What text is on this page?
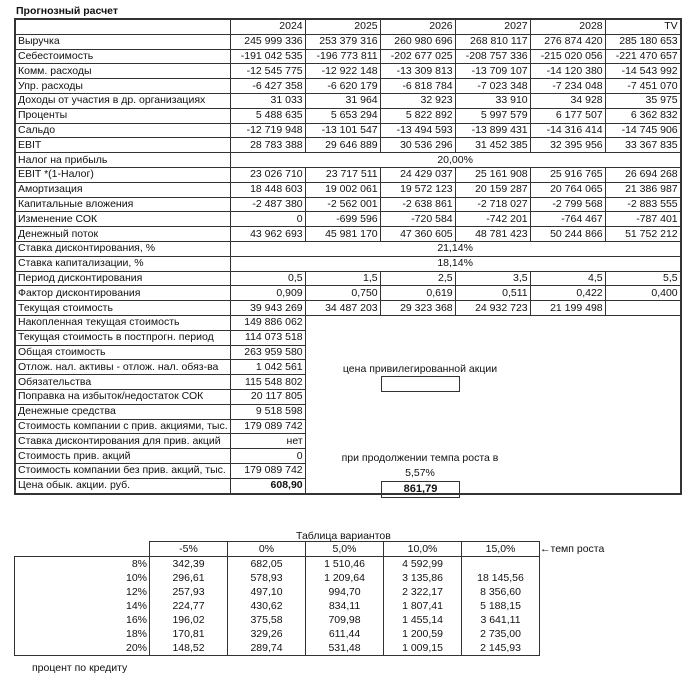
Прогнозный расчет
	2024	2025	2026	2027	2028	TV
Выручка	245 999 336	253 379 316	260 980 696	268 810 117	276 874 420	285 180 653
Себестоимость	-191 042 535	-196 773 811	-202 677 025	-208 757 336	-215 020 056	-221 470 657
Комм. расходы	-12 545 775	-12 922 148	-13 309 813	-13 709 107	-14 120 380	-14 543 992
Упр. расходы	-6 427 358	-6 620 179	-6 818 784	-7 023 348	-7 234 048	-7 451 070
Доходы от участия в др. организациях	31 033	31 964	32 923	33 910	34 928	35 975
Проценты	5 488 635	5 653 294	5 822 892	5 997 579	6 177 507	6 362 832
Сальдо	-12 719 948	-13 101 547	-13 494 593	-13 899 431	-14 316 414	-14 745 906
EBIT	28 783 388	29 646 889	30 536 296	31 452 385	32 395 956	33 367 835
Налог на прибыль	20,00%					
EBIT *(1-Налог)	23 026 710	23 717 511	24 429 037	25 161 908	25 916 765	26 694 268
Амортизация	18 448 603	19 002 061	19 572 123	20 159 287	20 764 065	21 386 987
Капитальные вложения	-2 487 380	-2 562 001	-2 638 861	-2 718 027	-2 799 568	-2 883 555
Изменение СОК	0	-699 596	-720 584	-742 201	-764 467	-787 401
Денежный поток	43 962 693	45 981 170	47 360 605	48 781 423	50 244 866	51 752 212
Ставка дисконтирования, %	21,14%					
Ставка капитализации, %	18,14%					
Период дисконтирования	0,5	1,5	2,5	3,5	4,5	5,5
Фактор дисконтирования	0,909	0,750	0,619	0,511	0,422	0,400
Текущая стоимость	39 943 269	34 487 203	29 323 368	24 932 723	21 199 498	
Накопленная текущая стоимость	149 886 062					
Текущая стоимость в постпрогн. период	114 073 518					
Общая стоимость	263 959 580					
Отлож. нал. активы - отлож. нал. обяз-ва	1 042 561					
Обязательства	115 548 802					
Поправка на избыток/недостаток СОК	20 117 805					
Денежные средства	9 518 598					
Стоимость компании с прив. акциями, тыс.	179 089 742					
Ставка дисконтирования для прив. акций	нет					
Стоимость прив. акций	0					
Стоимость компании без прив. акций, тыс.	179 089 742					
Цена обык. акции. руб.	608,90					
цена привилегированной акции
при продолжении темпа роста в
5,57%
861,79
Таблица вариантов
	-5%	0%	5,0%	10,0%	15,0%
8%	342,39	682,05	1 510,46	4 592,99	
10%	296,61	578,93	1 209,64	3 135,86	18 145,56
12%	257,93	497,10	994,70	2 322,17	8 356,60
14%	224,77	430,62	834,11	1 807,41	5 188,15
16%	196,02	375,58	709,98	1 455,14	3 641,11
18%	170,81	329,26	611,44	1 200,59	2 735,00
20%	148,52	289,74	531,48	1 009,15	2 145,93
←темп роста
процент по кредиту
